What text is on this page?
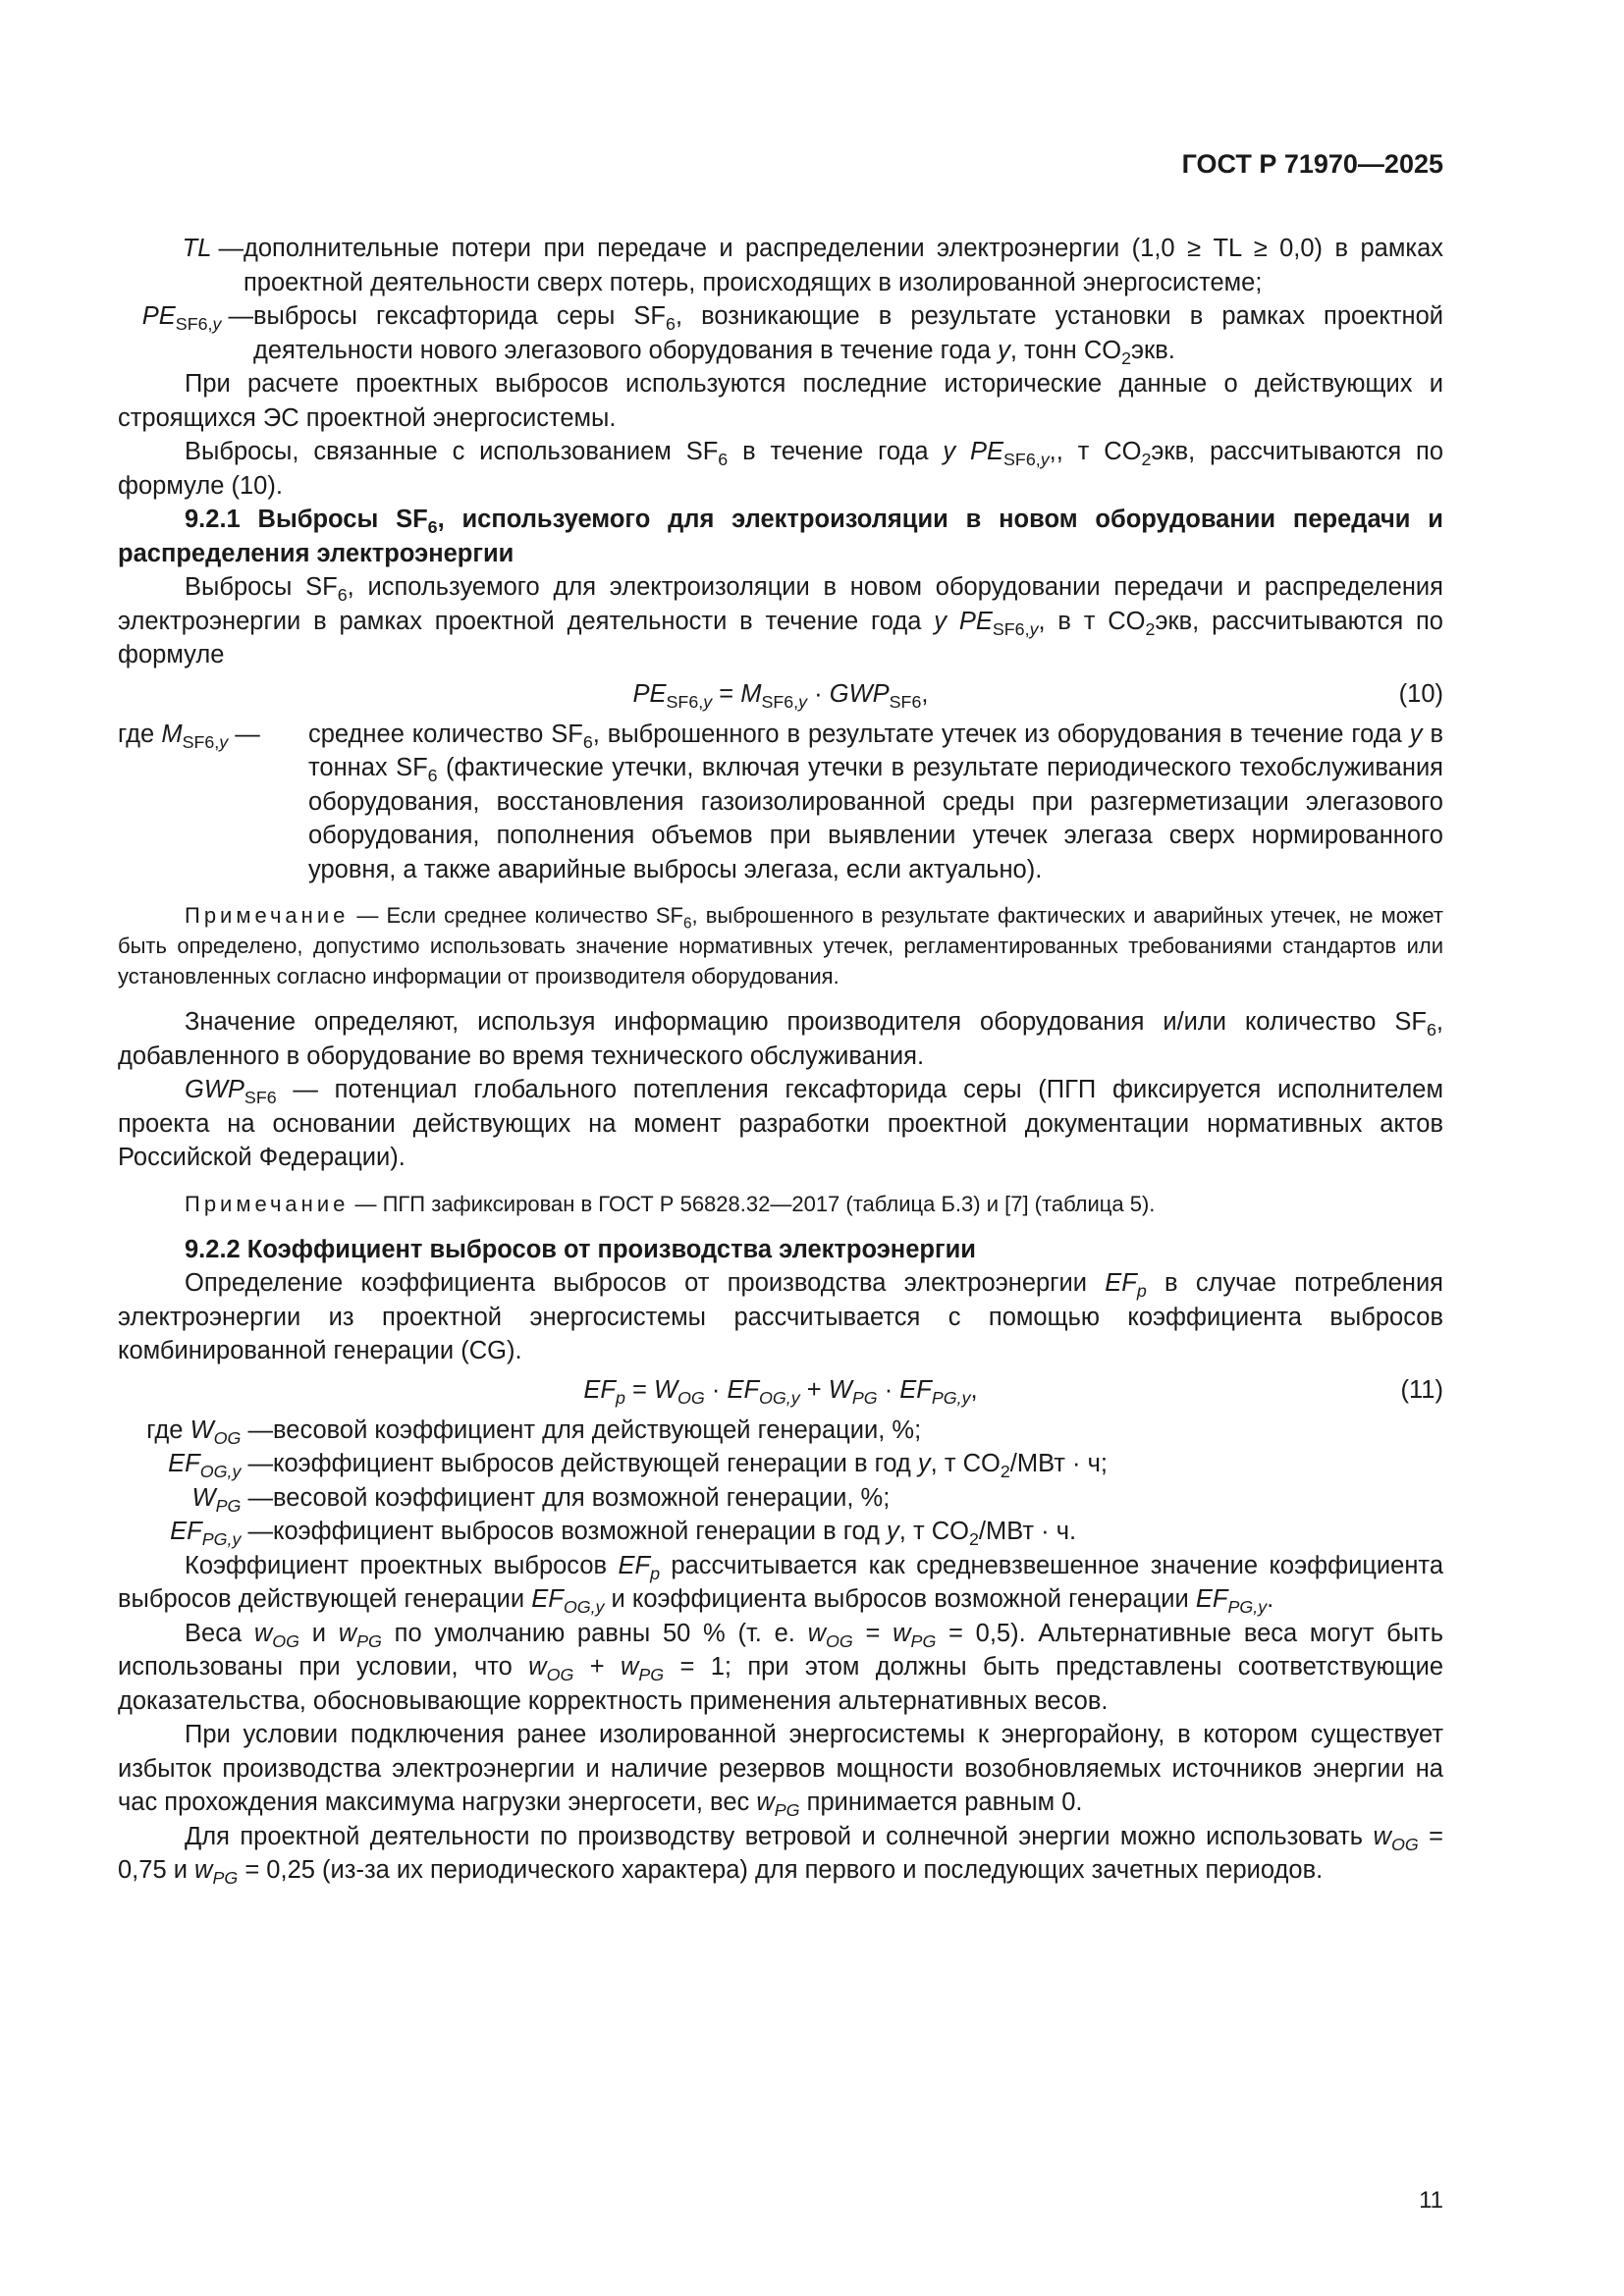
ГОСТ Р 71970—2025
TL — дополнительные потери при передаче и распределении электроэнергии (1,0 ≥ TL ≥ 0,0) в рамках проектной деятельности сверх потерь, происходящих в изолированной энергосистеме;
$PE_{SF6,y}$ — выбросы гексафторида серы $SF_6$, возникающие в результате установки в рамках проектной деятельности нового элегазового оборудования в течение года y, тонн $CO_2экв$.

При расчете проектных выбросов используются последние исторические данные о действующих и строящихся ЭС проектной энергосистемы.

Выбросы, связанные с использованием $SF_6$ в течение года y $PE_{SF6,y}$,, т $CO_2экв$, рассчитываются по формуле (10).

9.2.1 Выбросы $SF_6$, используемого для электроизоляции в новом оборудовании передачи и распределения электроэнергии

Выбросы $SF_6$, используемого для электроизоляции в новом оборудовании передачи и распределения электроэнергии в рамках проектной деятельности в течение года y $PE_{SF6,y}$, в т $CO_2экв$, рассчитываются по формуле

$PE_{SF6,y} = M_{SF6,y} \cdot GWP_{SF6}$,	(10)
где $M_{SF6,y}$ —	среднее количество $SF_6$, выброшенного в результате утечек из оборудования в течение года y в тоннах $SF_6$ (фактические утечки, включая утечки в результате периодического техобслуживания оборудования, восстановления газоизолированной среды при разгерметизации элегазового оборудования, пополнения объемов при выявлении утечек элегаза сверх нормированного уровня, а также аварийные выбросы элегаза, если актуально).

Примечание — Если среднее количество $SF_6$, выброшенного в результате фактических и аварийных утечек, не может быть определено, допустимо использовать значение нормативных утечек, регламентированных требованиями стандартов или установленных согласно информации от производителя оборудования.

Значение определяют, используя информацию производителя оборудования и/или количество $SF_6$, добавленного в оборудование во время технического обслуживания.

$GWP_{SF6}$ — потенциал глобального потепления гексафторида серы (ПГП фиксируется исполнителем проекта на основании действующих на момент разработки проектной документации нормативных актов Российской Федерации).

Примечание — ПГП зафиксирован в ГОСТ Р 56828.32—2017 (таблица Б.3) и [7] (таблица 5).

9.2.2 Коэффициент выбросов от производства электроэнергии

Определение коэффициента выбросов от производства электроэнергии $EF_p$ в случае потребления электроэнергии из проектной энергосистемы рассчитывается с помощью коэффициента выбросов комбинированной генерации (CG).

$EF_p = W_{OG} \cdot EF_{OG,y} + W_{PG} \cdot EF_{PG,y}$,	(11)
где $W_{OG}$ — весовой коэффициент для действующей генерации, %;
$EF_{OG,y}$ — коэффициент выбросов действующей генерации в год y, т $CO_2$/МВт · ч;
$W_{PG}$ — весовой коэффициент для возможной генерации, %;
$EF_{PG,y}$ — коэффициент выбросов возможной генерации в год y, т $CO_2$/МВт · ч.

Коэффициент проектных выбросов $EF_p$ рассчитывается как средневзвешенное значение коэффициента выбросов действующей генерации $EF_{OG,y}$ и коэффициента выбросов возможной генерации $EF_{PG,y}$.

Веса $w_{OG}$ и $w_{PG}$ по умолчанию равны 50 % (т. е. $w_{OG} = w_{PG} = 0,5$). Альтернативные веса могут быть использованы при условии, что $w_{OG} + w_{PG} = 1$; при этом должны быть представлены соответствующие доказательства, обосновывающие корректность применения альтернативных весов.

При условии подключения ранее изолированной энергосистемы к энергорайону, в котором существует избыток производства электроэнергии и наличие резервов мощности возобновляемых источников энергии на час прохождения максимума нагрузки энергосети, вес $w_{PG}$ принимается равным 0.

Для проектной деятельности по производству ветровой и солнечной энергии можно использовать $w_{OG} = 0,75$ и $w_{PG} = 0,25$ (из-за их периодического характера) для первого и последующих зачетных периодов.

11
